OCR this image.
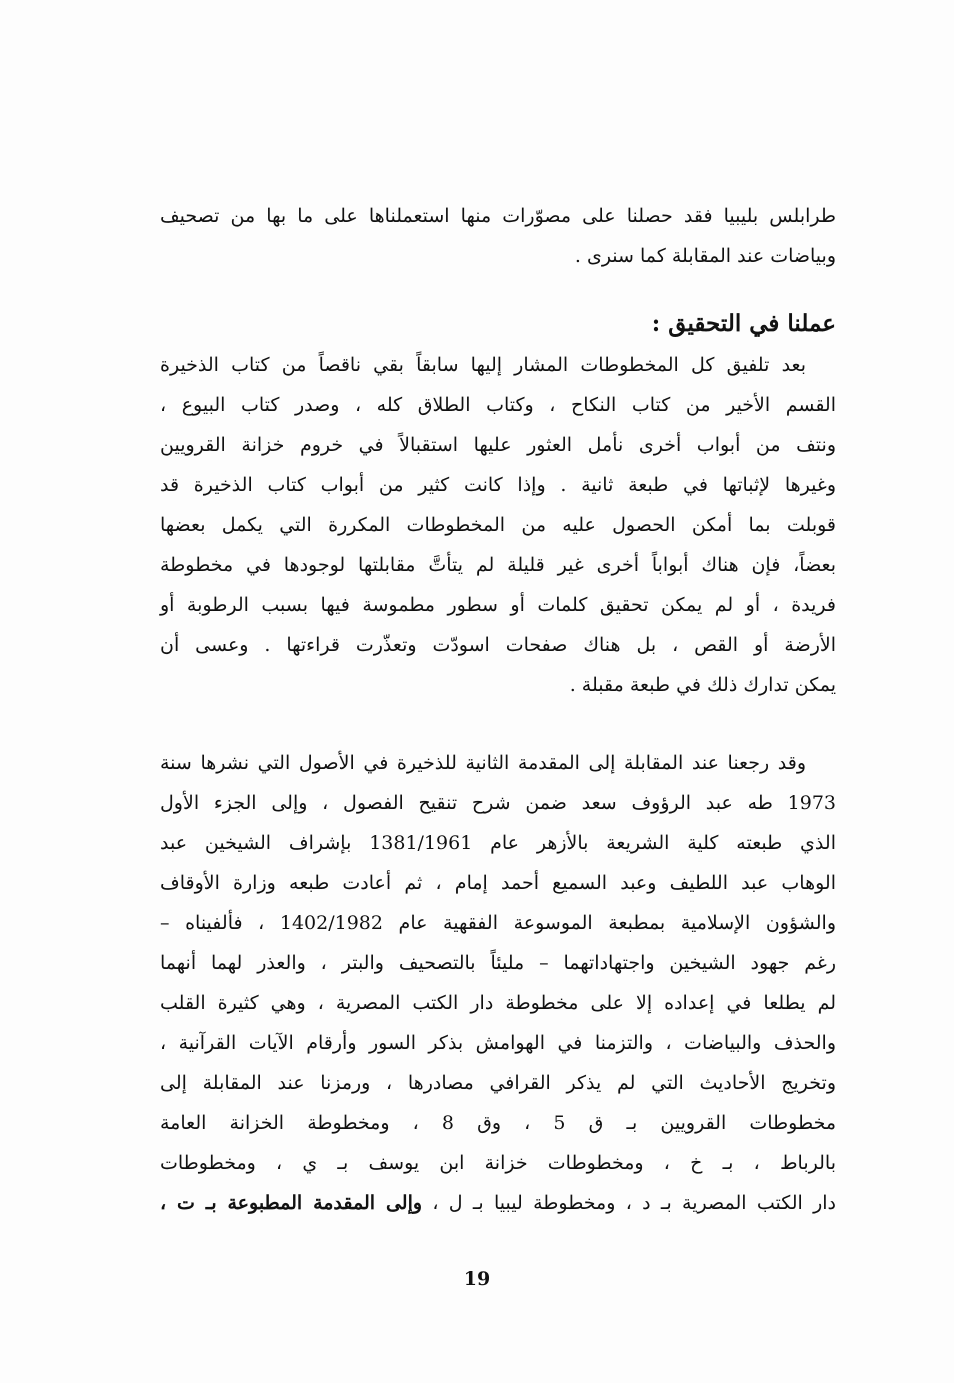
طرابلس بليبيا فقد حصلنا على مصوّرات منها استعملناها على ما بها من تصحيف
وبياضات عند المقابلة كما سنرى .
عملنا في التحقيق :
بعد تلفيق كل المخطوطات المشار إليها سابقاً بقي ناقصاً من كتاب الذخيرة
القسم الأخير من كتاب النكاح ، وكتاب الطلاق كله ، وصدر كتاب البيوع ،
ونتف من أبواب أخرى نأمل العثور عليها استقبالاً في خروم خزانة القرويين
وغيرها لإثباتها في طبعة ثانية . وإذا كانت كثير من أبواب كتاب الذخيرة قد
قوبلت بما أمكن الحصول عليه من المخطوطات المكررة التي يكمل بعضها
بعضاً، فإن هناك أبواباً أخرى غير قليلة لم يتأتَّ مقابلتها لوجودها في مخطوطة
فريدة ، أو لم يمكن تحقيق كلمات أو سطور مطموسة فيها بسبب الرطوبة أو
الأرضة أو القص ، بل هناك صفحات اسودّت وتعذّرت قراءتها . وعسى أن
يمكن تدارك ذلك في طبعة مقبلة .
وقد رجعنا عند المقابلة إلى المقدمة الثانية للذخيرة في الأصول التي نشرها سنة
1973 طه عبد الرؤوف سعد ضمن شرح تنقيح الفصول ، وإلى الجزء الأول
الذي طبعته كلية الشريعة بالأزهر عام 1381/1961 بإشراف الشيخين عبد
الوهاب عبد اللطيف وعبد السميع أحمد إمام ، ثم أعادت طبعه وزارة الأوقاف
والشؤون الإسلامية بمطبعة الموسوعة الفقهية عام 1402/1982 ، فألفيناه –
رغم جهود الشيخين واجتهاداتهما – مليئاً بالتصحيف والبتر ، والعذر لهما أنهما
لم يطلعا في إعداده إلا على مخطوطة دار الكتب المصرية ، وهي كثيرة القلب
والحذف والبياضات ، والتزمنا في الهوامش بذكر السور وأرقام الآيات القرآنية ،
وتخريج الأحاديث التي لم يذكر القرافي مصادرها ، ورمزنا عند المقابلة إلى
مخطوطات القرويين بـ ق 5 ، وق 8 ، ومخطوطة الخزانة العامة
بالرباط ، بـ خ ، ومخطوطات خزانة ابن يوسف بـ ي ، ومخطوطات
دار الكتب المصرية بـ د ، ومخطوطة ليبيا بـ ل ، وإلى المقدمة المطبوعة بـ ت ،
19
